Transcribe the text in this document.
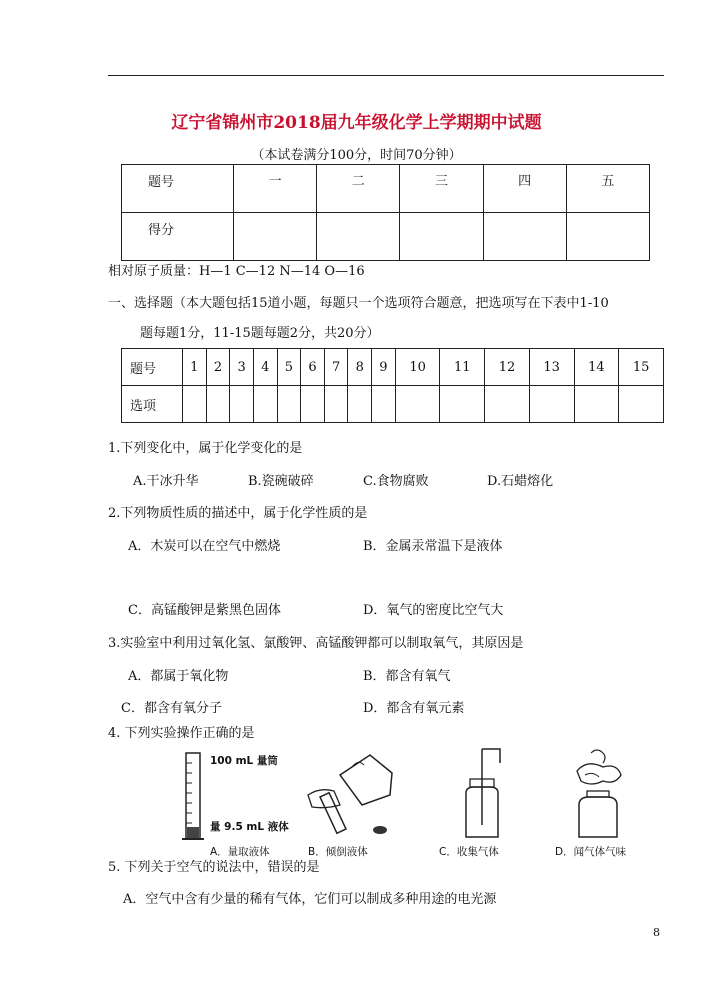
辽宁省锦州市2018届九年级化学上学期期中试题
（本试卷满分100分，时间70分钟）
题号	一	二	三	四	五
得分					
相对原子质量：H—1 C—12 N—14 O—16
一、选择题（本大题包括15道小题，每题只一个选项符合题意，把选项写在下表中1-10
题每题1分，11-15题每题2分，共20分）
题号	1	2	3	4	5	6	7	8	9	10	11	12	13	14	15
选项															
1.下列变化中，属于化学变化的是
A.干冰升华	B.瓷碗破碎	C.食物腐败	D.石蜡熔化
2.下列物质性质的描述中，属于化学性质的是
A．木炭可以在空气中燃烧	B．金属汞常温下是液体
C．高锰酸钾是紫黑色固体	D．氧气的密度比空气大
3.实验室中利用过氧化氢、氯酸钾、高锰酸钾都可以制取氧气，其原因是
A．都属于氧化物	B．都含有氧气
C．都含有氧分子	D．都含有氧元素
4. 下列实验操作正确的是
100 mL 量筒
量 9.5 mL 液体
A．量取液体	B．倾倒液体	C．收集气体	D．闻气体气味
5. 下列关于空气的说法中，错误的是
A．空气中含有少量的稀有气体，它们可以制成多种用途的电光源
8
